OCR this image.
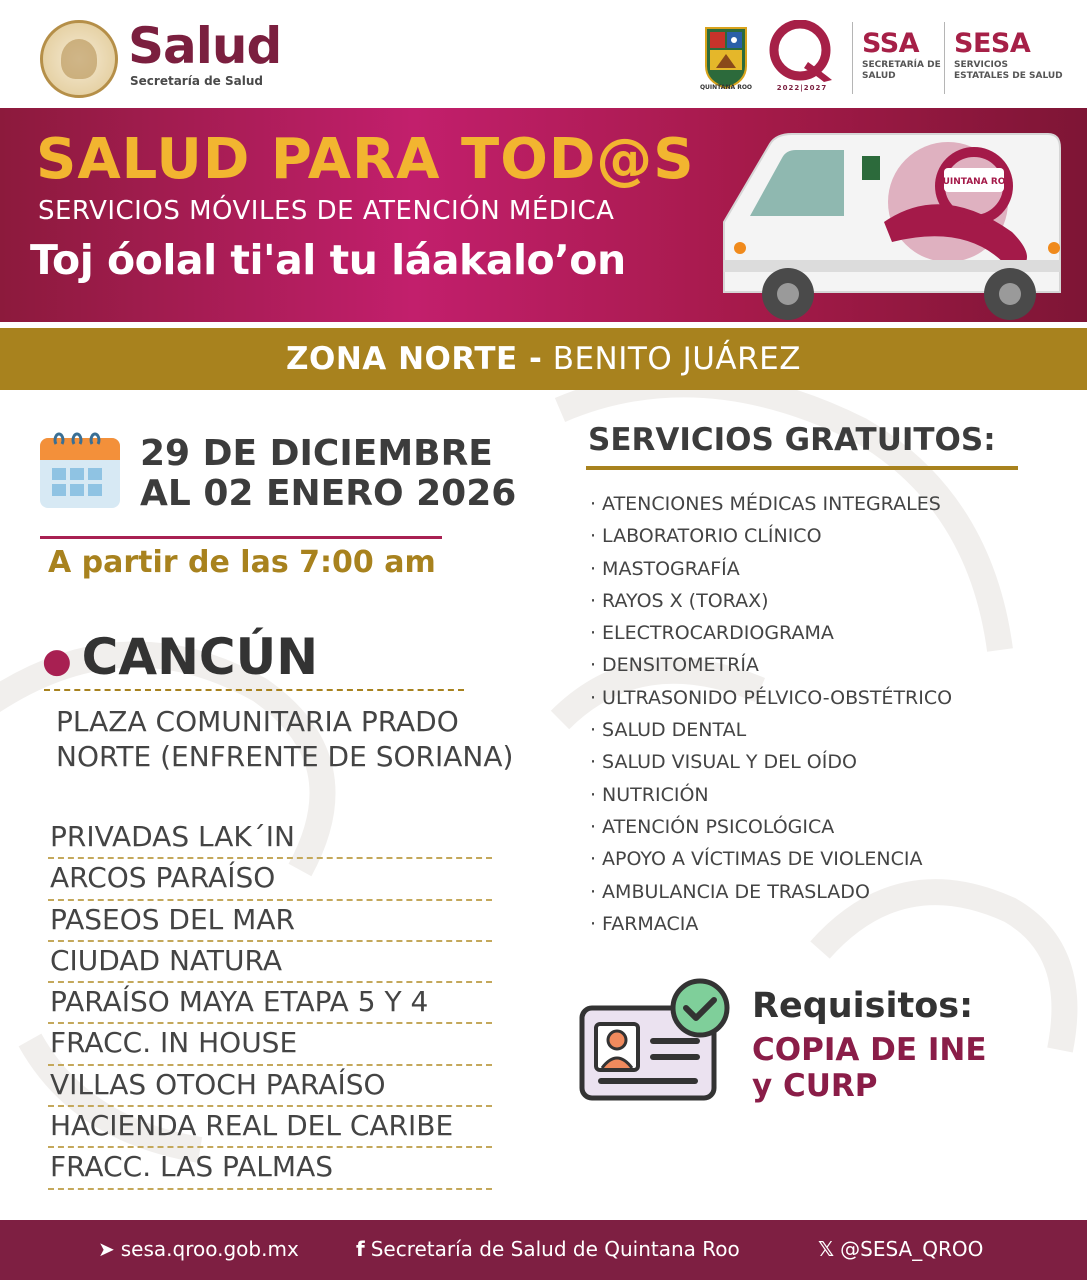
Salud
Secretaría de Salud	QUINTANA ROO	2022|2027
SSA
SECRETARÍA DE SALUD
SESA
SERVICIOS ESTATALES DE SALUD
SALUD PARA TOD@S
SERVICIOS MÓVILES DE ATENCIÓN MÉDICA
Toj óolal ti'al tu láakalo’on
QUINTANA ROO
ZONA NORTE - BENITO JUÁREZ
29 DE DICIEMBRE
AL 02 ENERO 2026
A partir de las 7:00 am
● CANCÚN
PLAZA COMUNITARIA PRADO
NORTE (ENFRENTE DE SORIANA)
PRIVADAS LAK´IN
ARCOS PARAÍSO
PASEOS DEL MAR
CIUDAD NATURA
PARAÍSO MAYA ETAPA 5 Y 4
FRACC. IN HOUSE
VILLAS OTOCH PARAÍSO
HACIENDA REAL DEL CARIBE
FRACC. LAS PALMAS
SERVICIOS GRATUITOS:
· ATENCIONES MÉDICAS INTEGRALES
· LABORATORIO CLÍNICO
· MASTOGRAFÍA
· RAYOS X (TORAX)
· ELECTROCARDIOGRAMA
· DENSITOMETRÍA
· ULTRASONIDO PÉLVICO-OBSTÉTRICO
· SALUD DENTAL
· SALUD VISUAL Y DEL OÍDO
· NUTRICIÓN
· ATENCIÓN PSICOLÓGICA
· APOYO A VÍCTIMAS DE VIOLENCIA
· AMBULANCIA DE TRASLADO
· FARMACIA
Requisitos:
COPIA DE INE
y CURP
➤ sesa.qroo.gob.mx	f Secretaría de Salud de Quintana Roo	𝕏 @SESA_QROO
